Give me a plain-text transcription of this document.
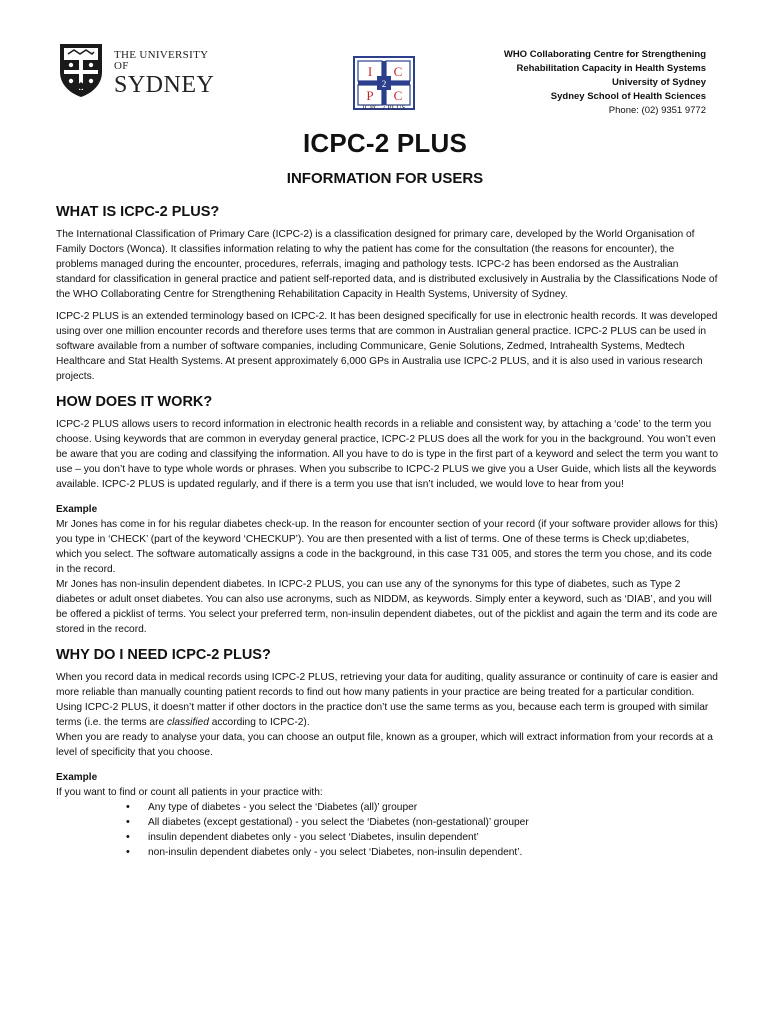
THE UNIVERSITY OF
SYDNEY
I C
P C
2
ICPC-2 PLUS
WHO Collaborating Centre for Strengthening
Rehabilitation Capacity in Health Systems
University of Sydney
Sydney School of Health Sciences
Phone: (02) 9351 9772
ICPC-2 PLUS
INFORMATION FOR USERS
WHAT IS ICPC-2 PLUS?

The International Classification of Primary Care (ICPC-2) is a classification designed for primary care, developed by the World Organisation of Family Doctors (Wonca). It classifies information relating to why the patient has come for the consultation (the reasons for encounter), the problems managed during the encounter, procedures, referrals, imaging and pathology tests. ICPC-2 has been endorsed as the Australian standard for classification in general practice and patient self-reported data, and is distributed exclusively in Australia by the Classifications Node of the WHO Collaborating Centre for Strengthening Rehabilitation Capacity in Health Systems, University of Sydney.

ICPC-2 PLUS is an extended terminology based on ICPC-2. It has been designed specifically for use in electronic health records. It was developed using over one million encounter records and therefore uses terms that are common in Australian general practice. ICPC-2 PLUS can be used in software available from a number of software companies, including Communicare, Genie Solutions, Zedmed, Intrahealth Systems, Medtech Healthcare and Stat Health Systems. At present approximately 6,000 GPs in Australia use ICPC-2 PLUS, and it is also used in various research projects.

HOW DOES IT WORK?

ICPC-2 PLUS allows users to record information in electronic health records in a reliable and consistent way, by attaching a ‘code’ to the term you choose. Using keywords that are common in everyday general practice, ICPC-2 PLUS does all the work for you in the background. You won’t even be aware that you are coding and classifying the information. All you have to do is type in the first part of a keyword and select the term you want to use – you don’t have to type whole words or phrases. When you subscribe to ICPC-2 PLUS we give you a User Guide, which lists all the keywords available. ICPC-2 PLUS is updated regularly, and if there is a term you use that isn’t included, we would love to hear from you!

Example

Mr Jones has come in for his regular diabetes check-up. In the reason for encounter section of your record (if your software provider allows for this) you type in ‘CHECK’ (part of the keyword ‘CHECKUP’). You are then presented with a list of terms. One of these terms is Check up;diabetes, which you select. The software automatically assigns a code in the background, in this case T31 005, and stores the term you chose, and its code in the record.

Mr Jones has non-insulin dependent diabetes. In ICPC-2 PLUS, you can use any of the synonyms for this type of diabetes, such as Type 2 diabetes or adult onset diabetes. You can also use acronyms, such as NIDDM, as keywords. Simply enter a keyword, such as ‘DIAB’, and you will be offered a picklist of terms. You select your preferred term, non-insulin dependent diabetes, out of the picklist and again the term and its code are stored in the record.

WHY DO I NEED ICPC-2 PLUS?

When you record data in medical records using ICPC-2 PLUS, retrieving your data for auditing, quality assurance or continuity of care is easier and more reliable than manually counting patient records to find out how many patients in your practice are being treated for a particular condition. Using ICPC-2 PLUS, it doesn’t matter if other doctors in the practice don’t use the same terms as you, because each term is grouped with similar terms (i.e. the terms are classified according to ICPC-2).

When you are ready to analyse your data, you can choose an output file, known as a grouper, which will extract information from your records at a level of specificity that you choose.

Example

If you want to find or count all patients in your practice with:

• Any type of diabetes - you select the ‘Diabetes (all)’ grouper
• All diabetes (except gestational) - you select the ‘Diabetes (non-gestational)’ grouper
• insulin dependent diabetes only - you select ‘Diabetes, insulin dependent’
• non-insulin dependent diabetes only - you select ‘Diabetes, non-insulin dependent’.
